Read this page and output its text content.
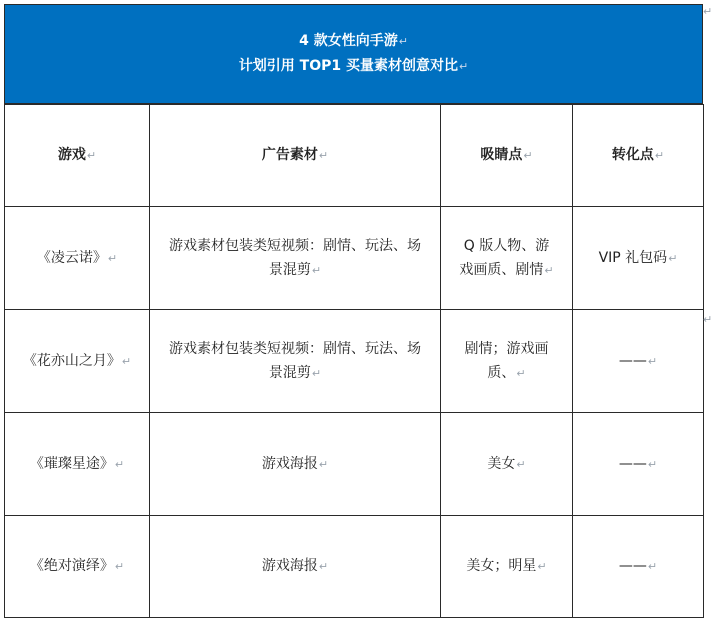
4 款女性向手游↵
计划引用 TOP1 买量素材创意对比↵
游戏↵	广告素材↵	吸睛点↵	转化点↵
《凌云诺》↵	游戏素材包装类短视频：剧情、玩法、场景混剪↵	Q 版人物、游戏画质、剧情↵	VIP 礼包码↵
《花亦山之月》↵	游戏素材包装类短视频：剧情、玩法、场景混剪↵	剧情；游戏画质、↵	——↵
《璀璨星途》↵	游戏海报↵	美女↵	——↵
《绝对演绎》↵	游戏海报↵	美女；明星↵	——↵
↵
↵
